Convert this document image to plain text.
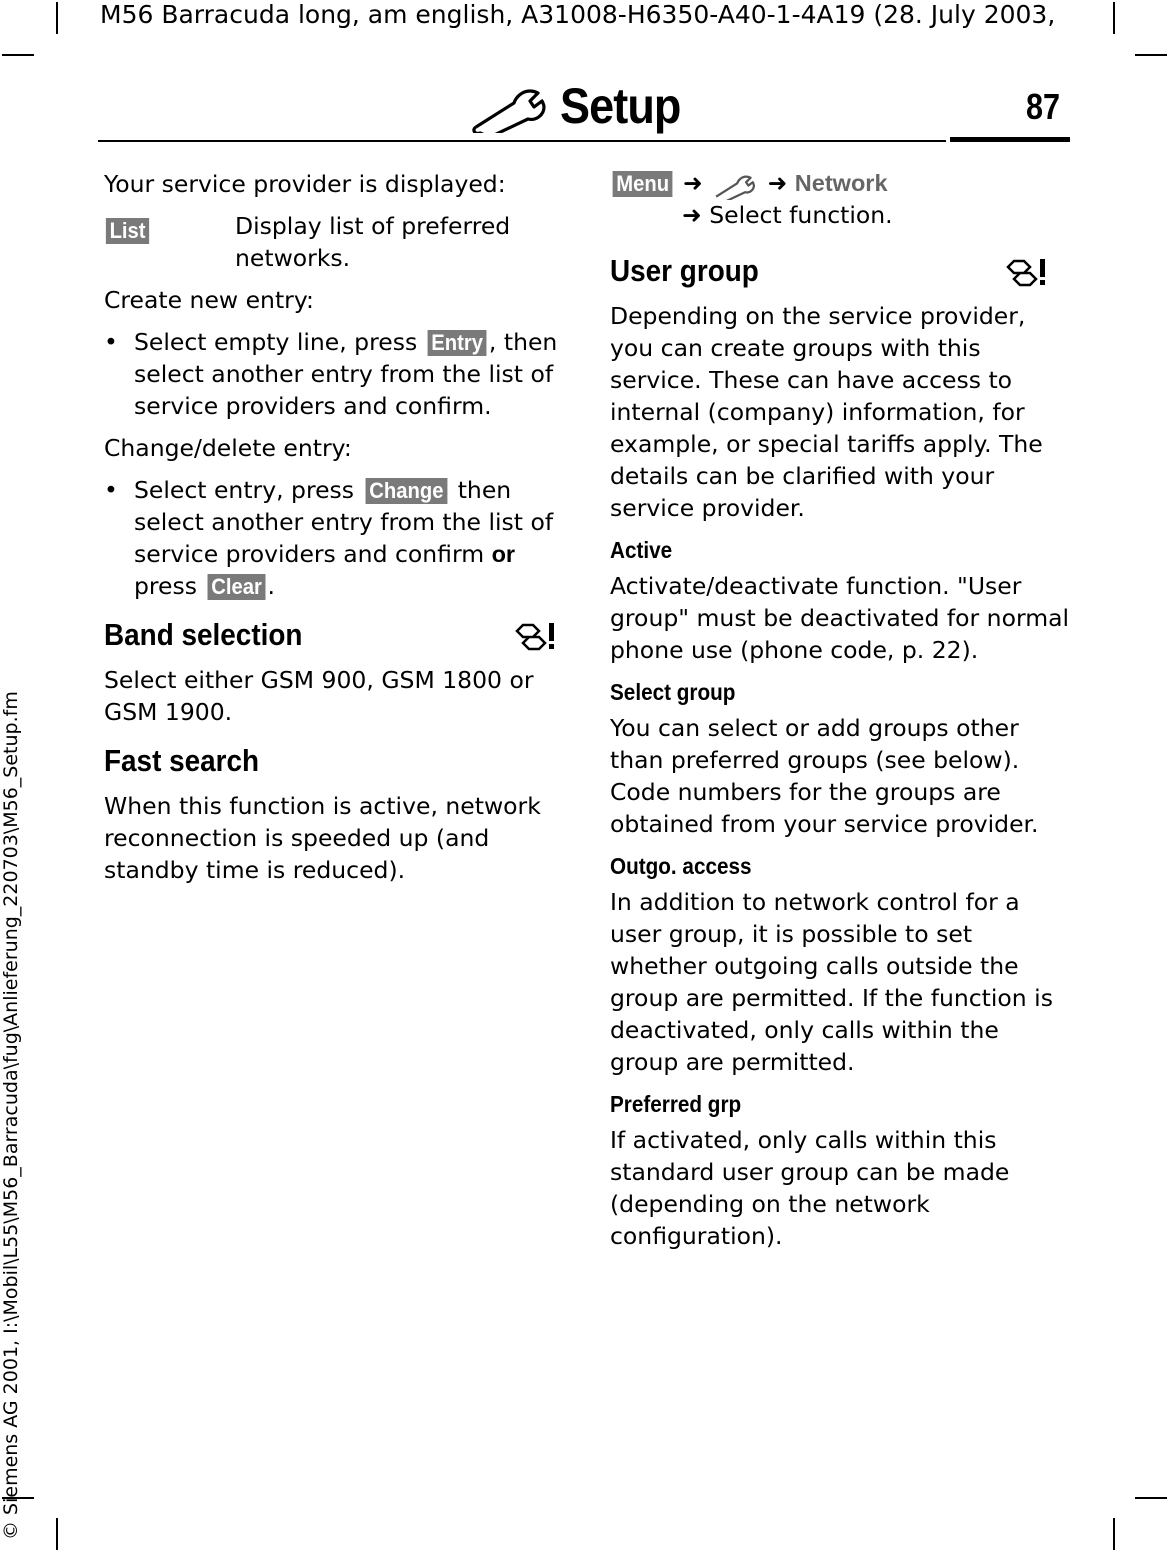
M56 Barracuda long, am english, A31008-H6350-A40-1-4A19 (28. July 2003,
© Siemens AG 2001, I:\Mobil\L55\M56_Barracuda\fug\Anlieferung_220703\M56_Setup.fm
Setup	87

Your service provider is displayed:

List	Display list of preferred networks.

Create new entry:

• Select empty line, press Entry , then select another entry from the list of service providers and confirm.

Change/delete entry:

• Select entry, press Change then select another entry from the list of service providers and confirm or press Clear .
Band selection

Select either GSM 900, GSM 1800 or GSM 1900.

Fast search

When this function is active, network reconnection is speeded up (and standby time is reduced).

Menu ➜	➜ Network
➜ Select function.
User group

Depending on the service provider, you can create groups with this service. These can have access to internal (company) information, for example, or special tariffs apply. The details can be clarified with your service provider.

Active

Activate/deactivate function. "User group" must be deactivated for normal phone use (phone code, p. 22).

Select group

You can select or add groups other than preferred groups (see below). Code numbers for the groups are obtained from your service provider.

Outgo. access

In addition to network control for a user group, it is possible to set whether outgoing calls outside the group are permitted. If the function is deactivated, only calls within the group are permitted.

Preferred grp

If activated, only calls within this standard user group can be made (depending on the network configuration).
